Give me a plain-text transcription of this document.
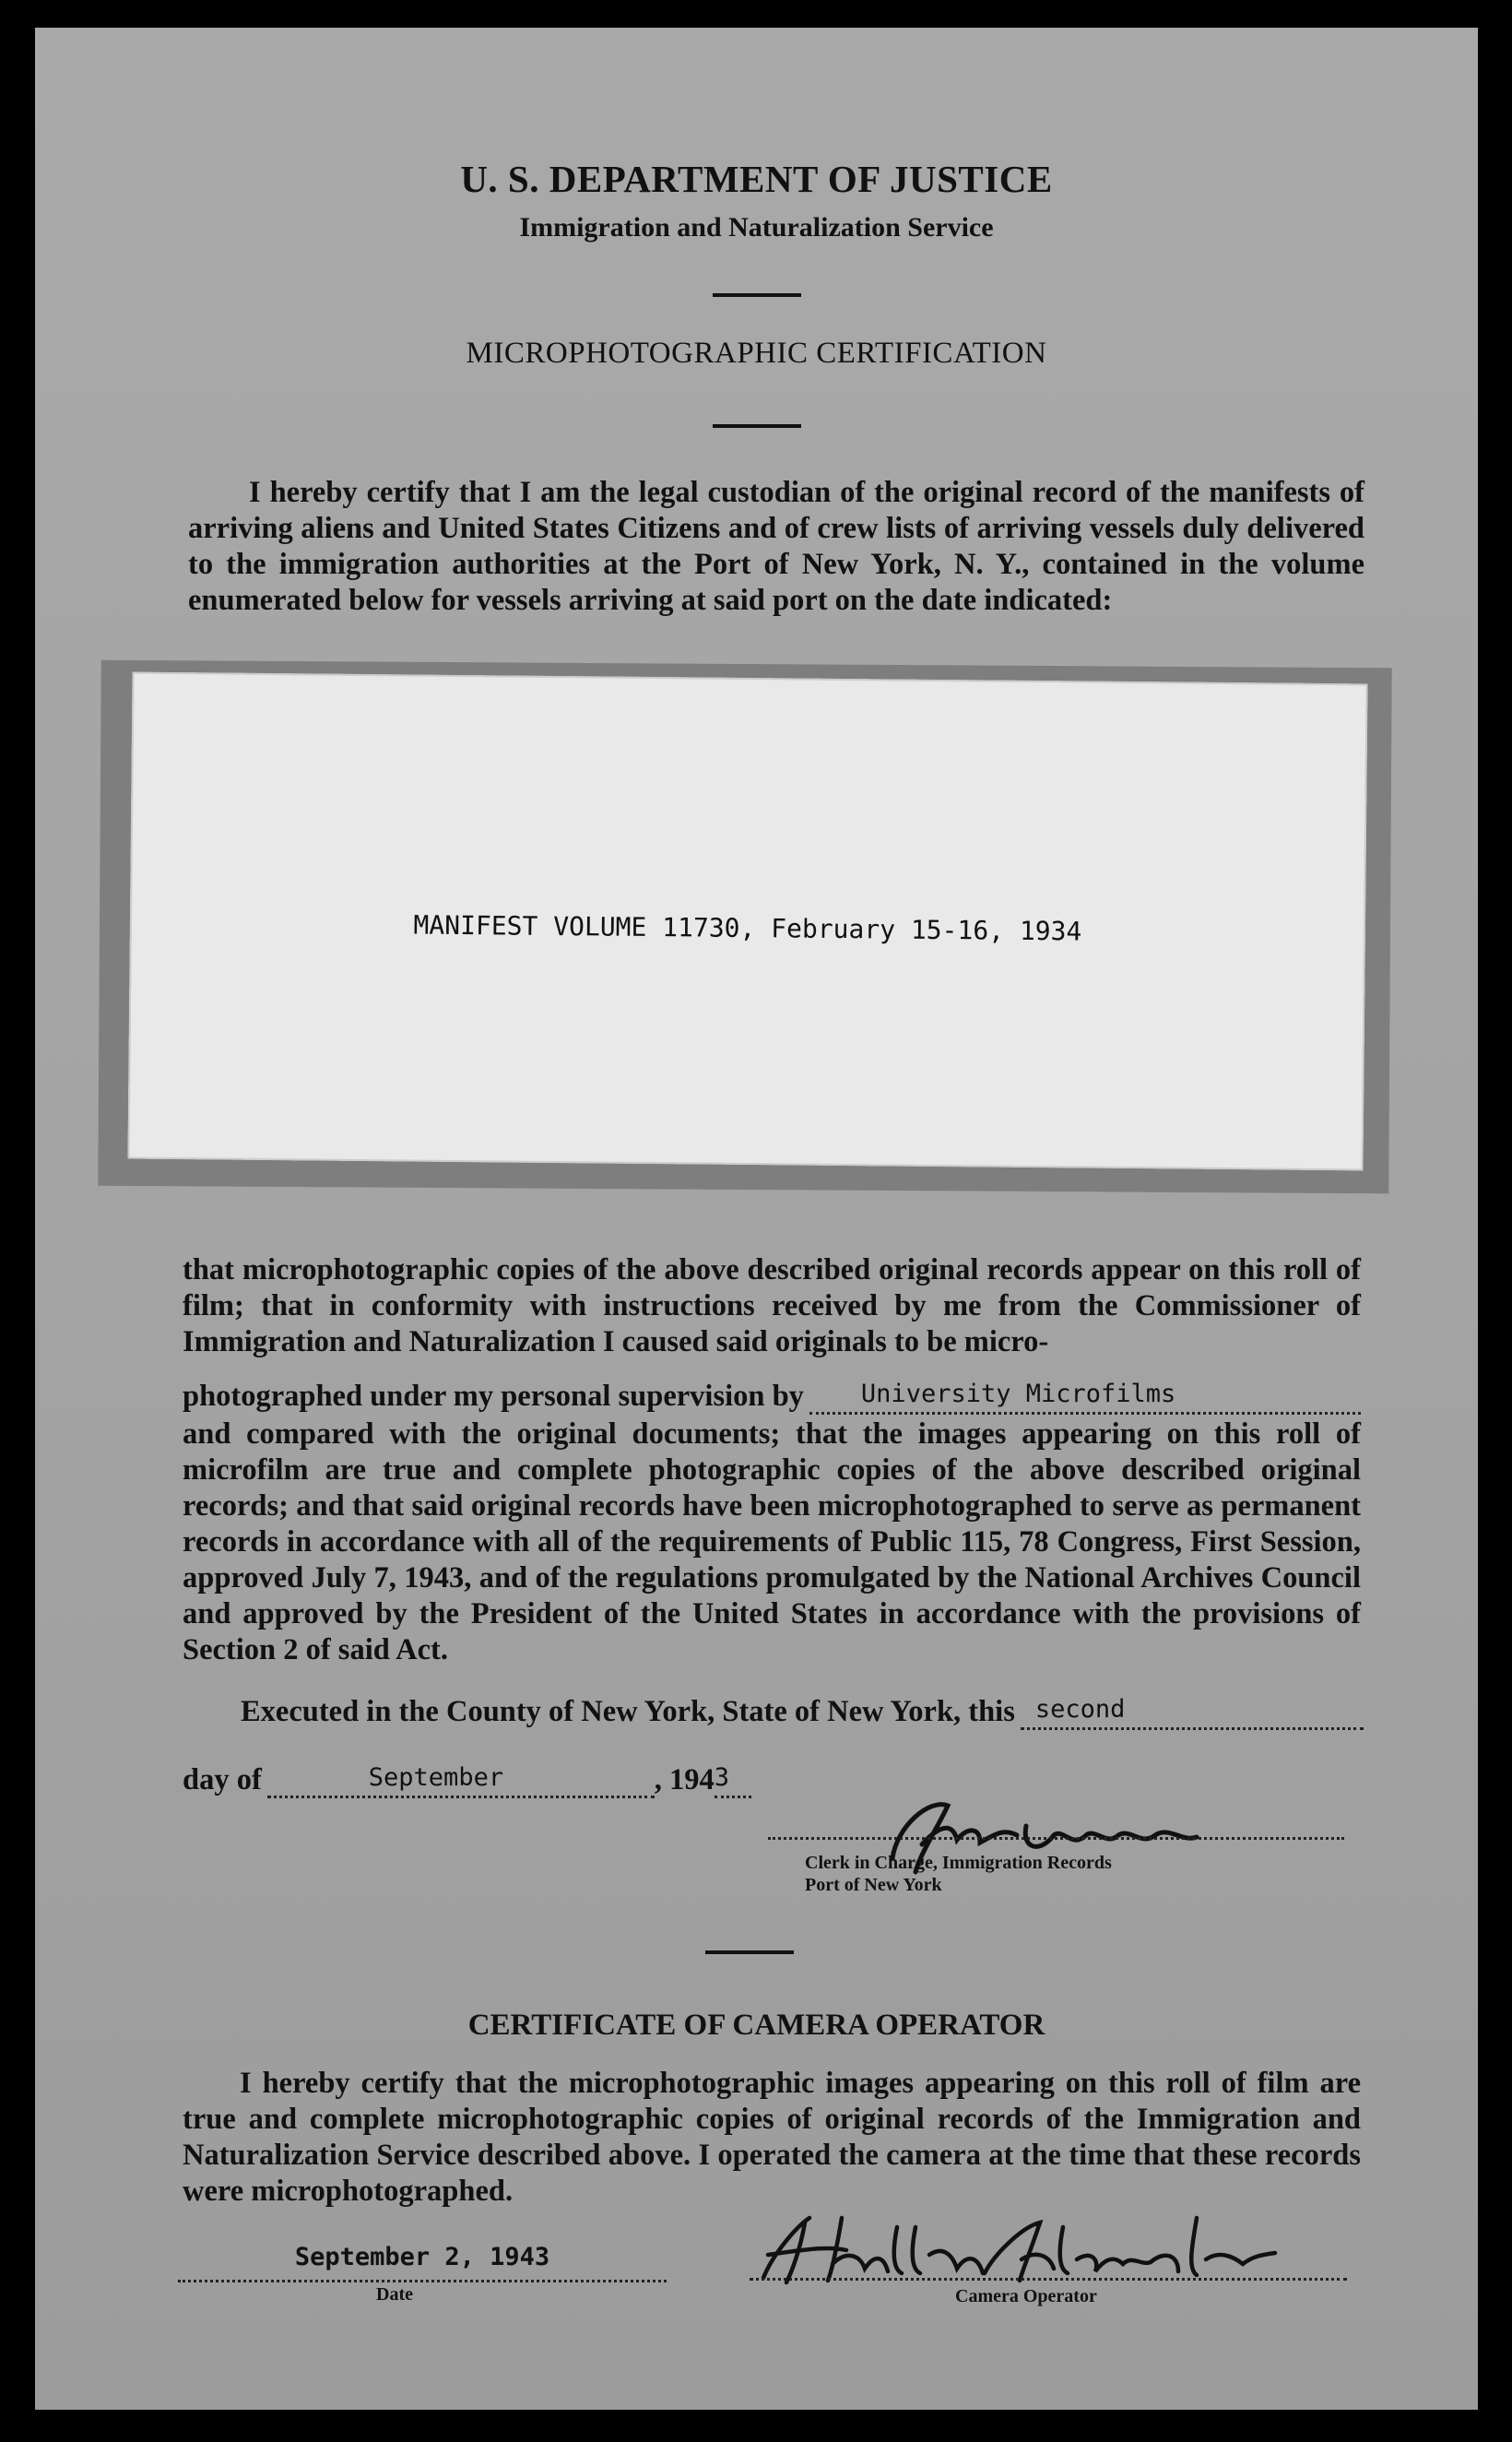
U. S. DEPARTMENT OF JUSTICE
Immigration and Naturalization Service
MICROPHOTOGRAPHIC CERTIFICATION
I hereby certify that I am the legal custodian of the original record of the manifests of arriving aliens and United States Citizens and of crew lists of arriving vessels duly delivered to the immigration authorities at the Port of New York, N. Y., contained in the volume enumerated below for vessels arriving at said port on the date indicated:
MANIFEST VOLUME 11730, February 15-16, 1934
that microphotographic copies of the above described original records appear on this roll of film; that in conformity with instructions received by me from the Commissioner of Immigration and Naturalization I caused said originals to be micro-
photographed under my personal supervision by	University Microfilms
and compared with the original documents; that the images appearing on this roll of microfilm are true and complete photographic copies of the above described original records; and that said original records have been microphotographed to serve as permanent records in accordance with all of the requirements of Public 115, 78 Congress, First Session, approved July 7, 1943, and of the regulations promulgated by the National Archives Council and approved by the President of the United States in accordance with the provisions of Section 2 of said Act.
Executed in the County of New York, State of New York, this second
day of	September	, 194 3
Clerk in Charge, Immigration Records
Port of New York
CERTIFICATE OF CAMERA OPERATOR
I hereby certify that the microphotographic images appearing on this roll of film are true and complete microphotographic copies of original records of the Immigration and Naturalization Service described above. I operated the camera at the time that these records were microphotographed.
September 2, 1943
Date	Camera Operator
